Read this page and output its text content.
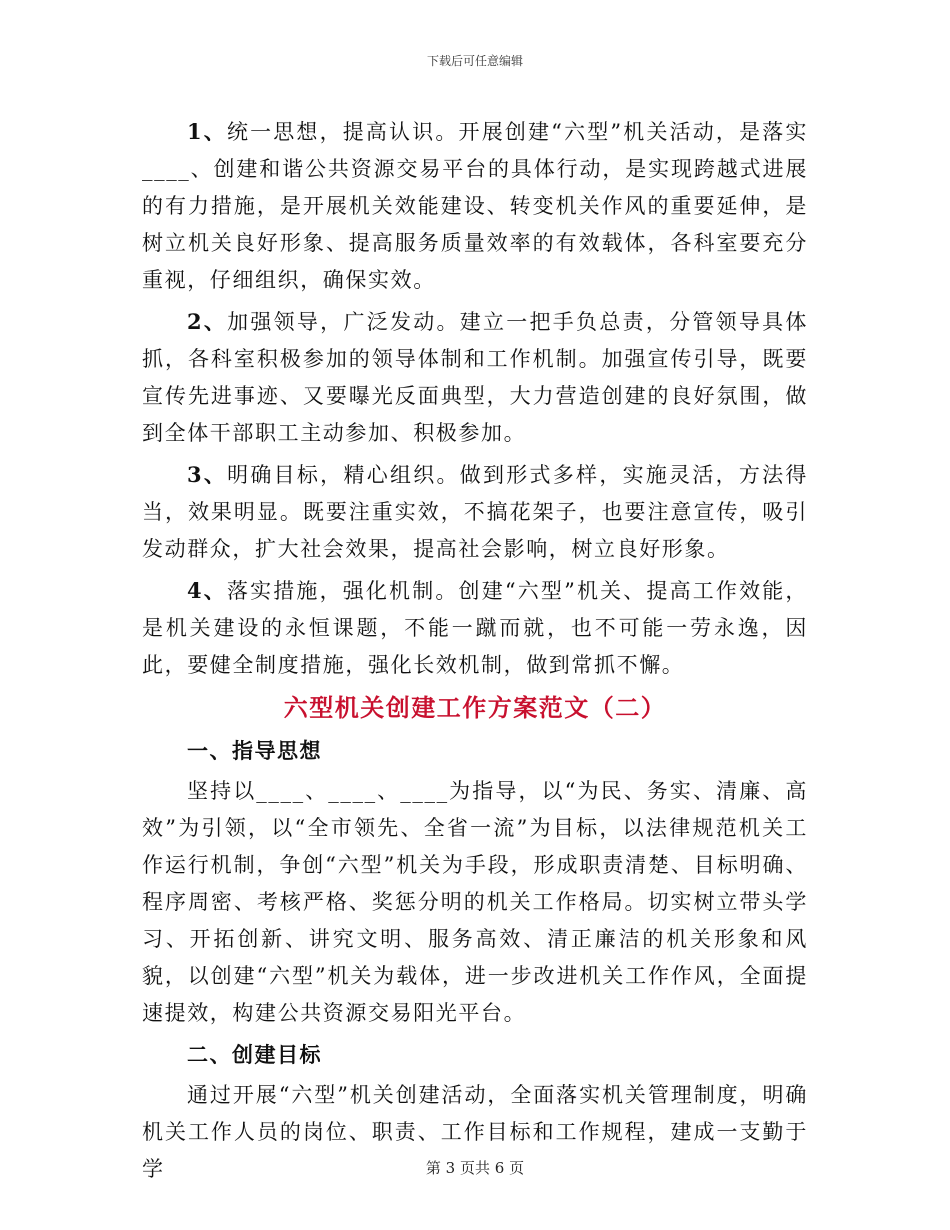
下载后可任意编辑

1、统一思想，提高认识。开展创建“六型”机关活动，是落实____、创建和谐公共资源交易平台的具体行动，是实现跨越式进展的有力措施，是开展机关效能建设、转变机关作风的重要延伸，是树立机关良好形象、提高服务质量效率的有效载体，各科室要充分重视，仔细组织，确保实效。

2、加强领导，广泛发动。建立一把手负总责，分管领导具体抓，各科室积极参加的领导体制和工作机制。加强宣传引导，既要宣传先进事迹、又要曝光反面典型，大力营造创建的良好氛围，做到全体干部职工主动参加、积极参加。

3、明确目标，精心组织。做到形式多样，实施灵活，方法得当，效果明显。既要注重实效，不搞花架子，也要注意宣传，吸引发动群众，扩大社会效果，提高社会影响，树立良好形象。

4、落实措施，强化机制。创建“六型”机关、提高工作效能，是机关建设的永恒课题，不能一蹴而就，也不可能一劳永逸，因此，要健全制度措施，强化长效机制，做到常抓不懈。

六型机关创建工作方案范文（二）
一、指导思想

坚持以____、____、____为指导，以“为民、务实、清廉、高效”为引领，以“全市领先、全省一流”为目标，以法律规范机关工作运行机制，争创“六型”机关为手段，形成职责清楚、目标明确、程序周密、考核严格、奖惩分明的机关工作格局。切实树立带头学习、开拓创新、讲究文明、服务高效、清正廉洁的机关形象和风貌，以创建“六型”机关为载体，进一步改进机关工作作风，全面提速提效，构建公共资源交易阳光平台。

二、创建目标

通过开展“六型”机关创建活动，全面落实机关管理制度，明确机关工作人员的岗位、职责、工作目标和工作规程，建成一支勤于学	第 3 页共 6 页
